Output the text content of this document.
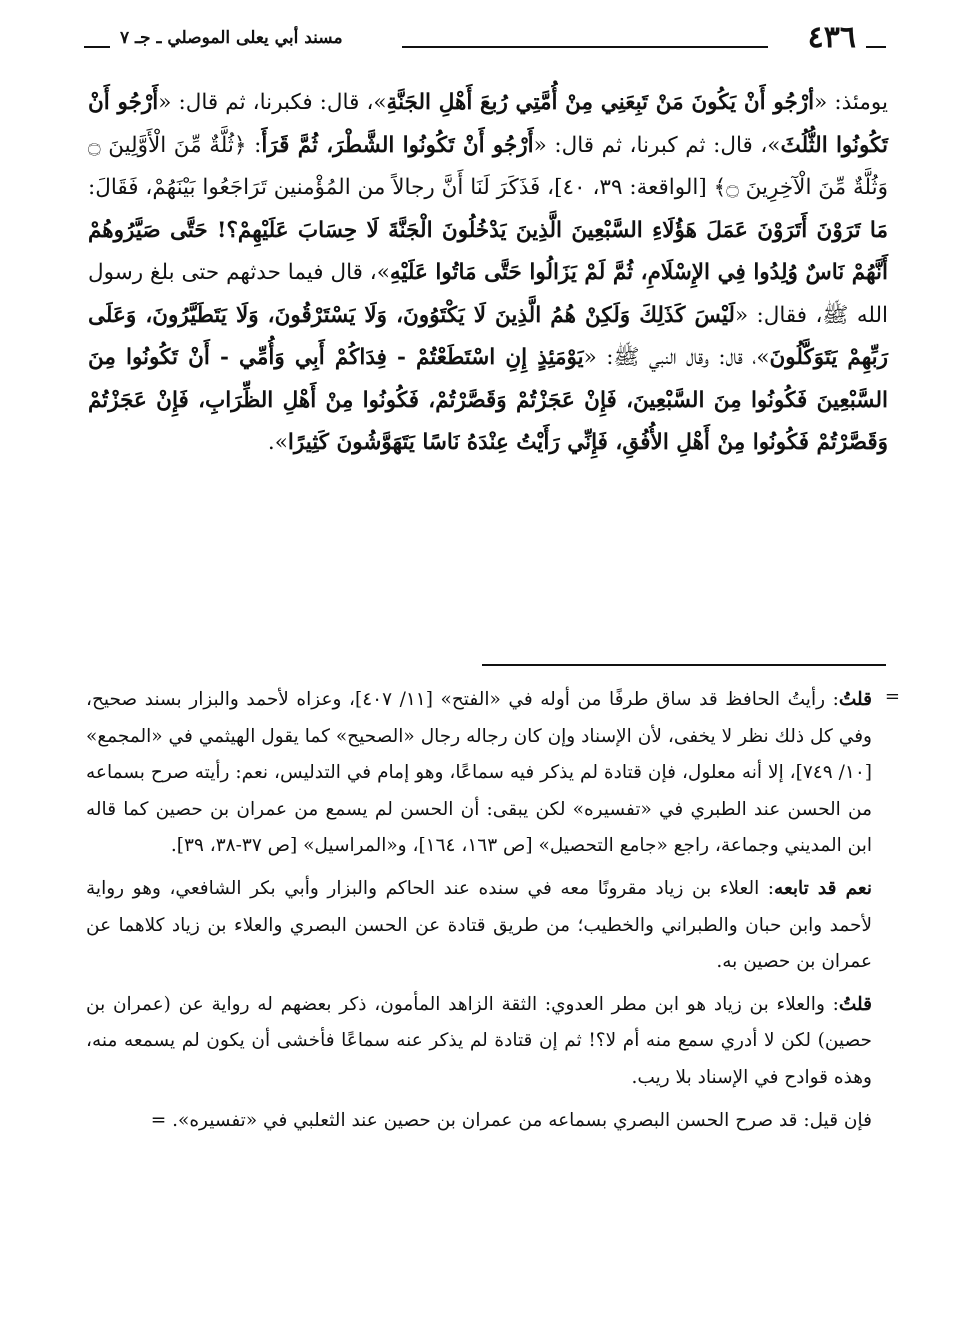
مسند أبي يعلى الموصلي ـ جـ ٧	٤٣٦

يومئذ: «أرْجُو أَنْ يَكُونَ مَنْ تَبِعَنِي مِنْ أُمَّتِي رُبعَ أَهْلِ الجَنَّةِ»، قال: فكبرنا، ثم قال: «أَرْجُو أَنْ تَكُونُوا الثُّلُثَ»، قال: ثم كبرنا، ثم قال: «أَرْجُو أَنْ تَكُونُوا الشَّطْرَ، ثُمَّ قَرَأَ: ﴿ثُلَّةٌ مِّنَ الْأَوَّلِينَ ۝ وَثُلَّةٌ مِّنَ الْآخِرِينَ ۝﴾ [الواقعة: ٣٩، ٤٠]، فَذَكَرَ لَنَا أَنَّ رجالاً من المُؤْمنين تَرَاجَعُوا بَيْنَهُمْ، فَقَالَ: مَا تَرَوْنَ أَتَرَوْنَ عَمَلَ هَؤُلَاءِ السَّبْعِينَ الَّذِينَ يَدْخُلُونَ الْجَنَّةَ لَا حِسَابَ عَلَيْهِمْ؟! حَتَّى صَيَّرُوهُمْ أَنَّهُمْ نَاسٌ وُلِدُوا فِي الإِسْلَامِ، ثُمَّ لَمْ يَزَالُوا حَتَّى مَاتُوا عَلَيْهِ»، قال فيما حدثهم حتى بلغ رسول الله ﷺ، فقال: «لَيْسَ كَذَلِكَ وَلَكِنْ هُمُ الَّذِينَ لَا يَكْتَوُونَ، وَلَا يَسْتَرْقُونَ، وَلَا يَتَطَيَّرُونَ، وَعَلَى رَبِّهِمْ يَتَوَكَّلُونَ»، قال: وقال النبي ﷺ: «يَوْمَئِذٍ إِنِ اسْتَطَعْتُمْ - فِدَاكُمْ أَبِي وَأُمِّي - أَنْ تَكُونُوا مِنَ السَّبْعِينَ فَكُونُوا مِنَ السَّبْعِينَ، فَإِنْ عَجَزْتُمْ وَقَصَّرْتُمْ، فَكُونُوا مِنْ أَهْلِ الظِّرَابِ، فَإِنْ عَجَزْتُمْ وَقَصَّرْتُمْ فَكُونُوا مِنْ أَهْلِ الأُفُقِ، فَإِنِّي رَأَيْتُ عِنْدَهُ نَاسًا يَتَهَوَّشُونَ كَثِيرًا».

=

قلتُ: رأيتُ الحافظ قد ساق طرفًا من أوله في «الفتح» [١١/ ٤٠٧]، وعزاه لأحمد والبزار بسند صحيح، وفي كل ذلك نظر لا يخفى، لأن الإسناد وإن كان رجاله رجال «الصحيح» كما يقول الهيثمي في «المجمع» [١٠/ ٧٤٩]، إلا أنه معلول، فإن قتادة لم يذكر فيه سماعًا، وهو إمام في التدليس، نعم: رأيته صرح بسماعه من الحسن عند الطبري في «تفسيره» لكن يبقى: أن الحسن لم يسمع من عمران بن حصين كما قاله ابن المديني وجماعة، راجع «جامع التحصيل» [ص ١٦٣، ١٦٤]، و«المراسيل» [ص ٣٧-٣٨، ٣٩].

نعم قد تابعه: العلاء بن زياد مقرونًا معه في سنده عند الحاكم والبزار وأبي بكر الشافعي، وهو رواية لأحمد وابن حبان والطبراني والخطيب؛ من طريق قتادة عن الحسن البصري والعلاء بن زياد كلاهما عن عمران بن حصين به.

قلتُ: والعلاء بن زياد هو ابن مطر العدوي: الثقة الزاهد المأمون، ذكر بعضهم له رواية عن (عمران بن حصين) لكن لا أدري سمع منه أم لا؟! ثم إن قتادة لم يذكر عنه سماعًا فأخشى أن يكون لم يسمعه منه، وهذه قوادح في الإسناد بلا ريب.

فإن قيل: قد صرح الحسن البصري بسماعه من عمران بن حصين عند الثعلبي في «تفسيره». =
